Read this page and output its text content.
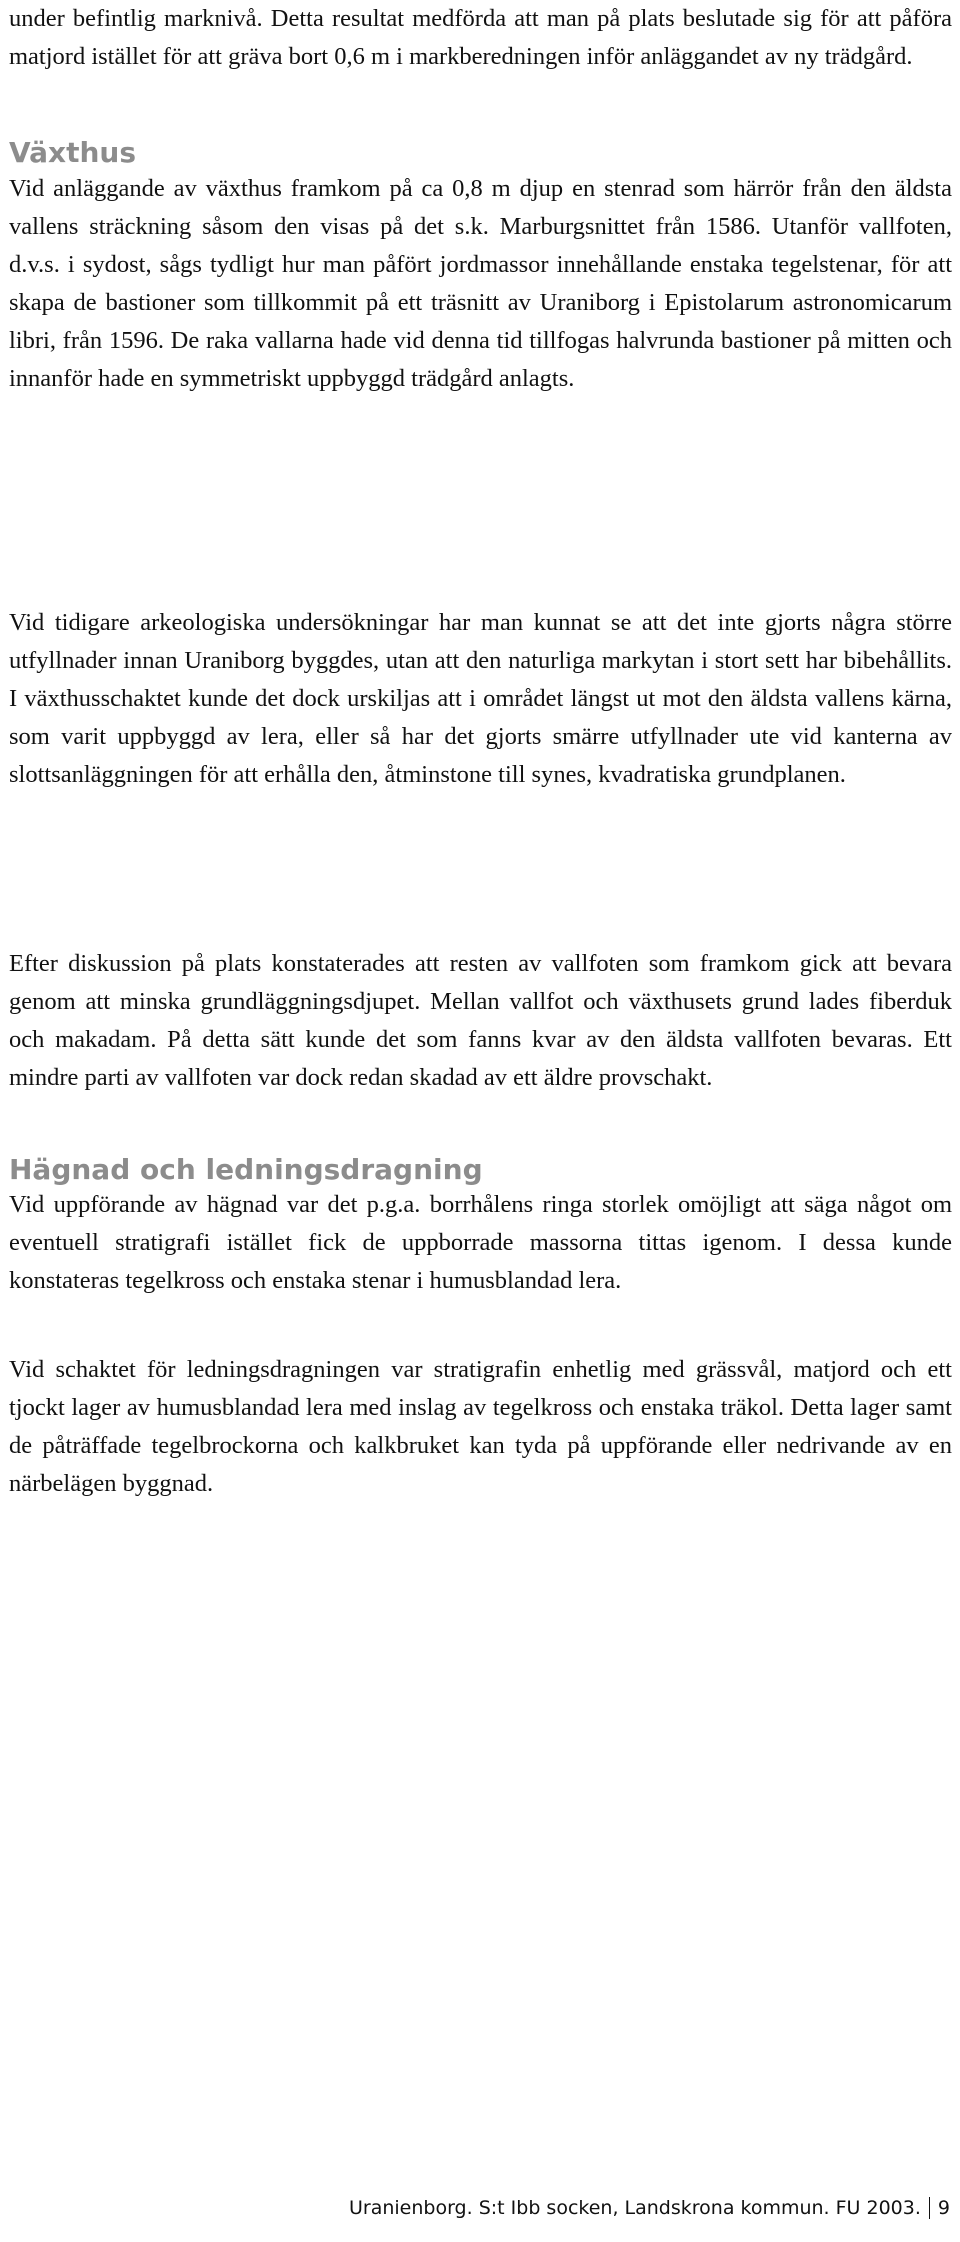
under befintlig marknivå. Detta resultat medförda att man på plats beslutade sig för att påföra matjord istället för att gräva bort 0,6 m i markberedningen inför anläggandet av ny trädgård.

Växthus

Vid anläggande av växthus framkom på ca 0,8 m djup en stenrad som härrör från den äldsta vallens sträckning såsom den visas på det s.k. Marburgsnittet från 1586. Utanför vallfoten, d.v.s. i sydost, sågs tydligt hur man påfört jordmassor innehållande enstaka tegelstenar, för att skapa de bastioner som tillkommit på ett träsnitt av Uraniborg i Epistolarum astronomicarum libri, från 1596. De raka vallarna hade vid denna tid tillfogas halvrunda bastioner på mitten och innanför hade en symmetriskt uppbyggd trädgård anlagts.

Vid tidigare arkeologiska undersökningar har man kunnat se att det inte gjorts några större utfyllnader innan Uraniborg byggdes, utan att den naturliga markytan i stort sett har bibehållits. I växthusschaktet kunde det dock urskiljas att i området längst ut mot den äldsta vallens kärna, som varit uppbyggd av lera, eller så har det gjorts smärre utfyllnader ute vid kanterna av slottsanläggningen för att erhålla den, åtminstone till synes, kvadratiska grundplanen.

Efter diskussion på plats konstaterades att resten av vallfoten som framkom gick att bevara genom att minska grundläggningsdjupet. Mellan vallfot och växthusets grund lades fiberduk och makadam. På detta sätt kunde det som fanns kvar av den äldsta vallfoten bevaras. Ett mindre parti av vallfoten var dock redan skadad av ett äldre provschakt.

Hägnad och ledningsdragning

Vid uppförande av hägnad var det p.g.a. borrhålens ringa storlek omöjligt att säga något om eventuell stratigrafi istället fick de uppborrade massorna tittas igenom. I dessa kunde konstateras tegelkross och enstaka stenar i humusblandad lera.

Vid schaktet för ledningsdragningen var stratigrafin enhetlig med grässvål, matjord och ett tjockt lager av humusblandad lera med inslag av tegelkross och enstaka träkol. Detta lager samt de påträffade tegelbrockorna och kalkbruket kan tyda på uppförande eller nedrivande av en närbelägen byggnad.

Uranienborg. S:t Ibb socken, Landskrona kommun. FU 2003. 9
